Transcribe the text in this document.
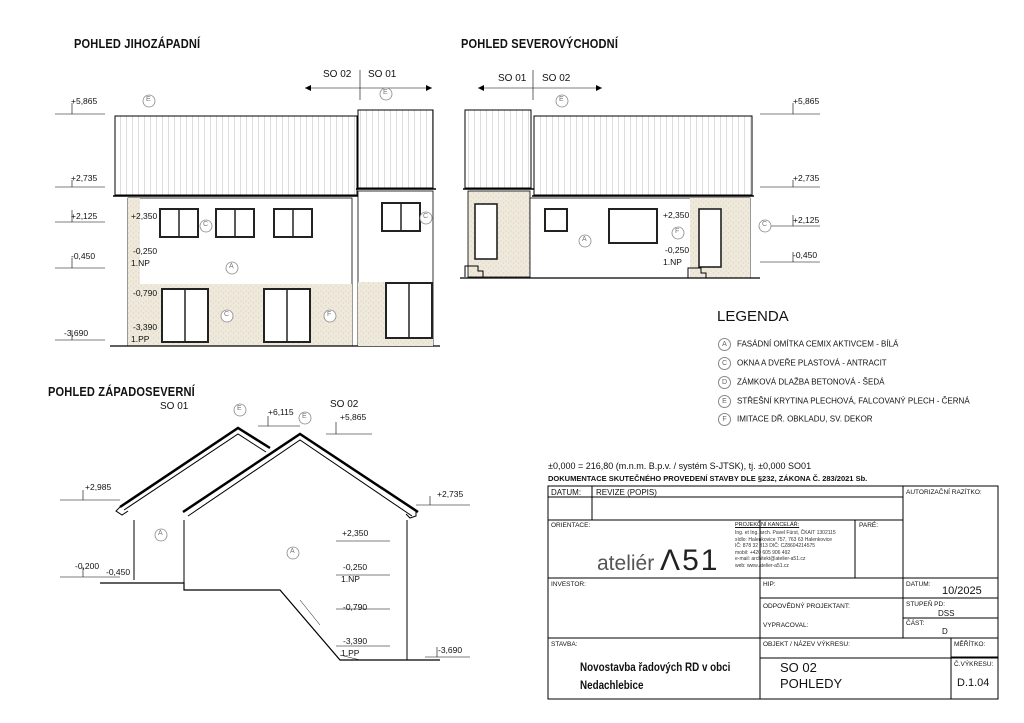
POHLED JIHOZÁPADNÍ	POHLED SEVEROVÝCHODNÍ
POHLED ZÁPADOSEVERNÍ
SO 02 SO 01	SO 01 SO 02
SO 01	SO 02
+5,865
+2,735
+2,125	+2,350
-0,450	-0,250
1.NP
-0,790
-3,390
1.PP
-3,690
+5,865
+2,735
+2,125
+2,350
-0,450
-0,250
1.NP
+6,115	+5,865
+2,985
+2,735
+2,350
-0,200
-0,450	-0,250
1.NP
-0,790
-3,390
1.PP	-3,690
E
E
C
C
A
C	F
E
A
C
F
E
E
A
A
LEGENDA
A FASÁDNÍ OMÍTKA CEMIX AKTIVCEM - BÍLÁ
C OKNA A DVEŘE PLASTOVÁ - ANTRACIT
D ZÁMKOVÁ DLAŽBA BETONOVÁ - ŠEDÁ
E STŘEŠNÍ KRYTINA PLECHOVÁ, FALCOVANÝ PLECH - ČERNÁ
F IMITACE DŘ. OBKLADU, SV. DEKOR
±0,000 = 216,80 (m.n.m. B.p.v. / systém S-JTSK), tj. ±0,000 SO01
DOKUMENTACE SKUTEČNÉHO PROVEDENÍ STAVBY DLE §232, ZÁKONA Č. 283/2021 Sb.
DATUM: REVIZE (POPIS)	AUTORIZAČNÍ RAZÍTKO:
ORIENTACE:
ateliér Λ51
PROJEKČNÍ KANCELÁŘ:
Ing. et Ing. arch. Pavel Fürst, ČKAIT 1302115
sídlo: Halenkovice 757, 763 63 Halenkovice
IČ: 878 32 313 DIČ: CZ8604214575
mobil: +420 605 906 492
e-mail: architekt@atelier-a51.cz
web: www.atelier-a51.cz
PARÉ:
INVESTOR:	HIP:	DATUM:
10/2025
ODPOVĚDNÝ PROJEKTANT:	STUPEŇ PD:
DSS
VYPRACOVAL:	ČÁST:
D
STAVBA:
Novostavba řadových RD v obci
Nedachlebice
OBJEKT / NÁZEV VÝKRESU:
SO 02
POHLEDY
MĚŘÍTKO:
Č.VÝKRESU:
D.1.04
